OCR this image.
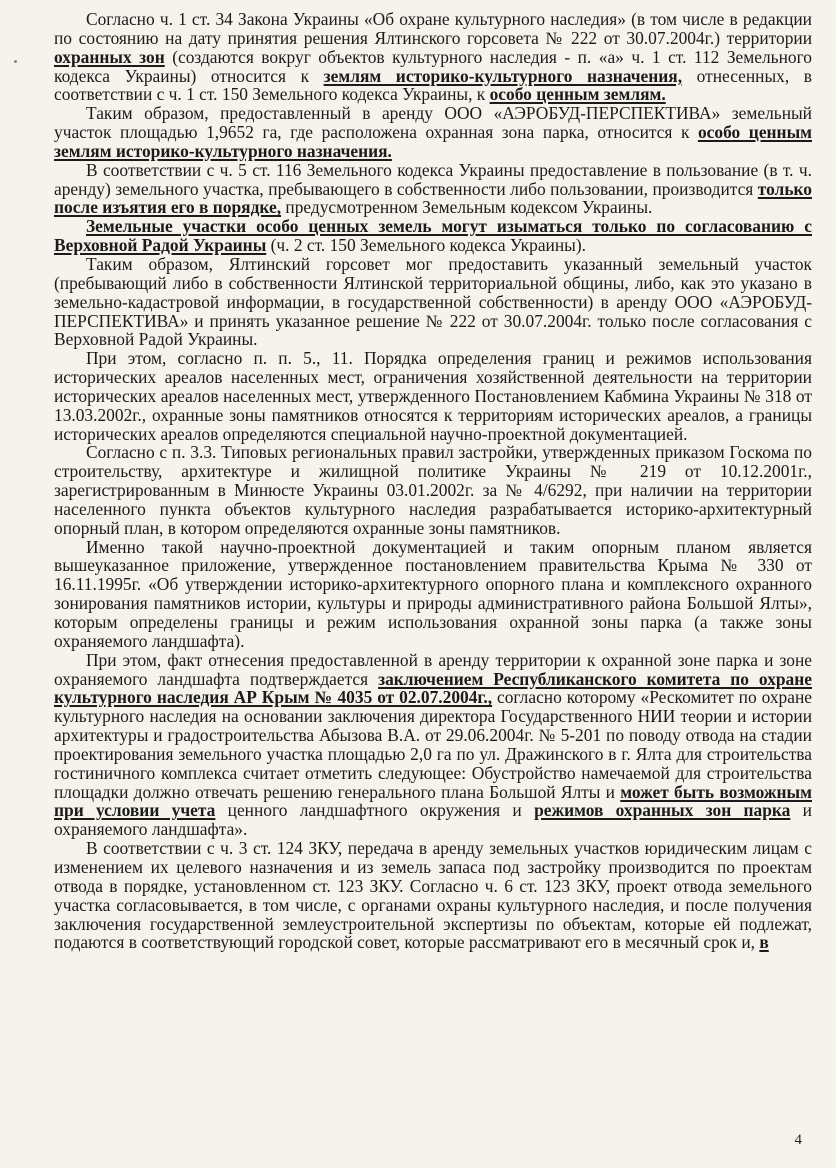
Согласно ч. 1 ст. 34 Закона Украины «Об охране культурного наследия» (в том числе в редакции по состоянию на дату принятия решения Ялтинского горсовета № 222 от 30.07.2004г.) территории охранных зон (создаются вокруг объектов культурного наследия - п. «а» ч. 1 ст. 112 Земельного кодекса Украины) относится к землям историко-культурного назначения, отнесенных, в соответствии с ч. 1 ст. 150 Земельного кодекса Украины, к особо ценным землям.

Таким образом, предоставленный в аренду ООО «АЭРОБУД-ПЕРСПЕКТИВА» земельный участок площадью 1,9652 га, где расположена охранная зона парка, относится к особо ценным землям историко-культурного назначения.

В соответствии с ч. 5 ст. 116 Земельного кодекса Украины предоставление в пользование (в т. ч. аренду) земельного участка, пребывающего в собственности либо пользовании, производится только после изъятия его в порядке, предусмотренном Земельным кодексом Украины.

Земельные участки особо ценных земель могут изыматься только по согласованию с Верховной Радой Украины (ч. 2 ст. 150 Земельного кодекса Украины).

Таким образом, Ялтинский горсовет мог предоставить указанный земельный участок (пребывающий либо в собственности Ялтинской территориальной общины, либо, как это указано в земельно-кадастровой информации, в государственной собственности) в аренду ООО «АЭРОБУД-ПЕРСПЕКТИВА» и принять указанное решение № 222 от 30.07.2004г. только после согласования с Верховной Радой Украины.

При этом, согласно п. п. 5., 11. Порядка определения границ и режимов использования исторических ареалов населенных мест, ограничения хозяйственной деятельности на территории исторических ареалов населенных мест, утвержденного Постановлением Кабмина Украины № 318 от 13.03.2002г., охранные зоны памятников относятся к территориям исторических ареалов, а границы исторических ареалов определяются специальной научно-проектной документацией.

Согласно с п. 3.3. Типовых региональных правил застройки, утвержденных приказом Госкома по строительству, архитектуре и жилищной политике Украины № 219 от 10.12.2001г., зарегистрированным в Минюсте Украины 03.01.2002г. за № 4/6292, при наличии на территории населенного пункта объектов культурного наследия разрабатывается историко-архитектурный опорный план, в котором определяются охранные зоны памятников.

Именно такой научно-проектной документацией и таким опорным планом является вышеуказанное приложение, утвержденное постановлением правительства Крыма № 330 от 16.11.1995г. «Об утверждении историко-архитектурного опорного плана и комплексного охранного зонирования памятников истории, культуры и природы административного района Большой Ялты», которым определены границы и режим использования охранной зоны парка (а также зоны охраняемого ландшафта).

При этом, факт отнесения предоставленной в аренду территории к охранной зоне парка и зоне охраняемого ландшафта подтверждается заключением Республиканского комитета по охране культурного наследия АР Крым № 4035 от 02.07.2004г., согласно которому «Рескомитет по охране культурного наследия на основании заключения директора Государственного НИИ теории и истории архитектуры и градостроительства Абызова В.А. от 29.06.2004г. № 5-201 по поводу отвода на стадии проектирования земельного участка площадью 2,0 га по ул. Дражинского в г. Ялта для строительства гостиничного комплекса считает отметить следующее: Обустройство намечаемой для строительства площадки должно отвечать решению генерального плана Большой Ялты и может быть возможным при условии учета ценного ландшафтного окружения и режимов охранных зон парка и охраняемого ландшафта».

В соответствии с ч. 3 ст. 124 ЗКУ, передача в аренду земельных участков юридическим лицам с изменением их целевого назначения и из земель запаса под застройку производится по проектам отвода в порядке, установленном ст. 123 ЗКУ. Согласно ч. 6 ст. 123 ЗКУ, проект отвода земельного участка согласовывается, в том числе, с органами охраны культурного наследия, и после получения заключения государственной землеустроительной экспертизы по объектам, которые ей подлежат, подаются в соответствующий городской совет, которые рассматривают его в месячный срок и, в

4
